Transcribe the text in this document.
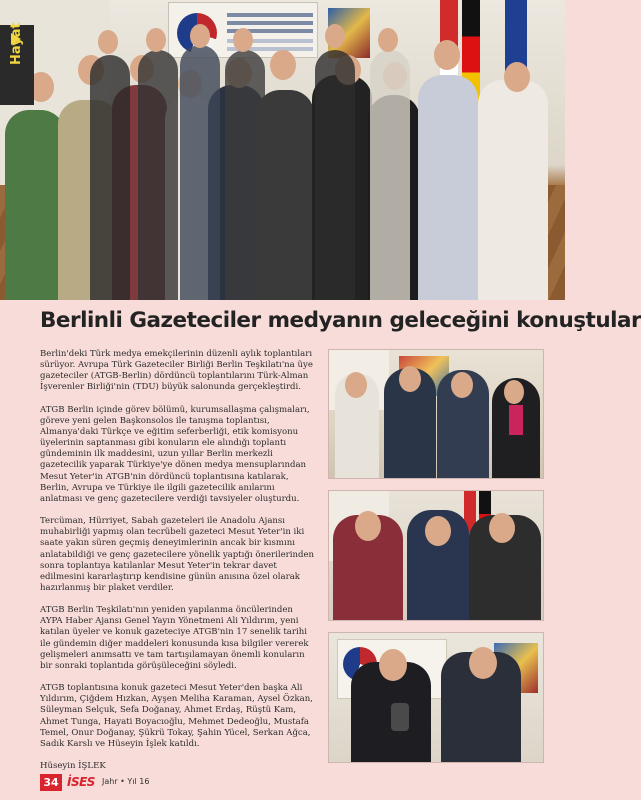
Hayat
Berlinli Gazeteciler medyanın geleceğini konuştular

Berlin'deki Türk medya emekçilerinin düzenli aylık toplantıları sürüyor. Avrupa Türk Gazeteciler Birliği Berlin Teşkilatı'na üye gazeteciler (ATGB-Berlin) dördüncü toplantılarını Türk-Alman İşverenler Birliği'nin (TDU) büyük salonunda gerçekleştirdi.

ATGB Berlin içinde görev bölümü, kurumsallaşma çalışmaları, göreve yeni gelen Başkonsolos ile tanışma toplantısı, Almanya'daki Türkçe ve eğitim seferberliği, etik komisyonu üyelerinin saptanması gibi konuların ele alındığı toplantı gündeminin ilk maddesini, uzun yıllar Berlin merkezli gazetecilik yaparak Türkiye'ye dönen medya mensuplarından Mesut Yeter'in ATGB'nin dördüncü toplantısına katılarak, Berlin, Avrupa ve Türkiye ile ilgili gazetecilik anılarını anlatması ve genç gazetecilere verdiği tavsiyeler oluşturdu.

Tercüman, Hürriyet, Sabah gazeteleri ile Anadolu Ajansı muhabirliği yapmış olan tecrübeli gazeteci Mesut Yeter'in iki saate yakın süren geçmiş deneyimlerinin ancak bir kısmını anlatabildiği ve genç gazetecilere yönelik yaptığı önerilerinden sonra toplantıya katılanlar Mesut Yeter'in tekrar davet edilmesini kararlaştırıp kendisine günün anısına özel olarak hazırlanmış bir plaket verdiler.

ATGB Berlin Teşkilatı'nın yeniden yapılanma öncülerinden AYPA Haber Ajansı Genel Yayın Yönetmeni Ali Yıldırım, yeni katılan üyeler ve konuk gazeteciye ATGB'nin 17 senelik tarihi ile gündemin diğer maddeleri konusunda kısa bilgiler vererek gelişmeleri anımsattı ve tam tartışılamayan önemli konuların bir sonraki toplantıda görüşüleceğini söyledi.

ATGB toplantısına konuk gazeteci Mesut Yeter'den başka Ali Yıldırım, Çiğdem Hızkan, Ayşen Meliha Karaman, Aysel Özkan, Süleyman Selçuk, Sefa Doğanay, Ahmet Erdaş, Rüştü Kam, Ahmet Tunga, Hayati Boyacıoğlu, Mehmet Dedeoğlu, Mustafa Temel, Onur Doğanay, Şükrü Tokay, Şahin Yücel, Serkan Ağca, Sadık Karslı ve Hüseyin İşlek katıldı.

Hüseyin İŞLEK

34 İSES Jahr • Yıl 16
